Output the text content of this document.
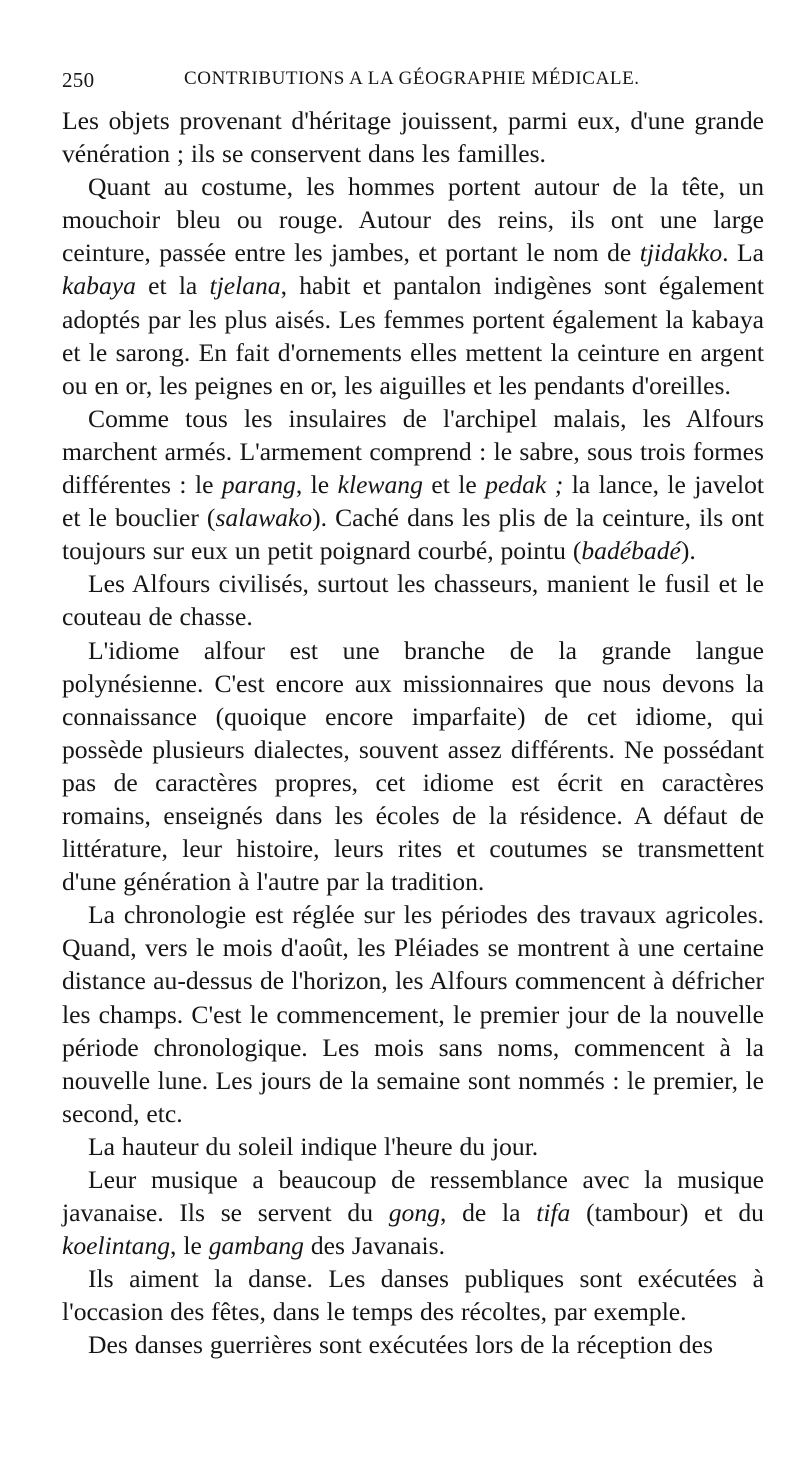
250	CONTRIBUTIONS A LA GÉOGRAPHIE MÉDICALE.

Les objets provenant d'héritage jouissent, parmi eux, d'une grande vénération ; ils se conservent dans les familles.

Quant au costume, les hommes portent autour de la tête, un mouchoir bleu ou rouge. Autour des reins, ils ont une large ceinture, passée entre les jambes, et portant le nom de tjidakko. La kabaya et la tjelana, habit et pantalon indigènes sont également adoptés par les plus aisés. Les femmes portent également la kabaya et le sarong. En fait d'ornements elles mettent la ceinture en argent ou en or, les peignes en or, les aiguilles et les pendants d'oreilles.

Comme tous les insulaires de l'archipel malais, les Alfours marchent armés. L'armement comprend : le sabre, sous trois formes différentes : le parang, le klewang et le pedak ; la lance, le javelot et le bouclier (salawako). Caché dans les plis de la ceinture, ils ont toujours sur eux un petit poignard courbé, pointu (badébadé).

Les Alfours civilisés, surtout les chasseurs, manient le fusil et le couteau de chasse.

L'idiome alfour est une branche de la grande langue polynésienne. C'est encore aux missionnaires que nous devons la connaissance (quoique encore imparfaite) de cet idiome, qui possède plusieurs dialectes, souvent assez différents. Ne possédant pas de caractères propres, cet idiome est écrit en caractères romains, enseignés dans les écoles de la résidence. A défaut de littérature, leur histoire, leurs rites et coutumes se transmettent d'une génération à l'autre par la tradition.

La chronologie est réglée sur les périodes des travaux agricoles. Quand, vers le mois d'août, les Pléiades se montrent à une certaine distance au-dessus de l'horizon, les Alfours commencent à défricher les champs. C'est le commencement, le premier jour de la nouvelle période chronologique. Les mois sans noms, commencent à la nouvelle lune. Les jours de la semaine sont nommés : le premier, le second, etc.

La hauteur du soleil indique l'heure du jour.

Leur musique a beaucoup de ressemblance avec la musique javanaise. Ils se servent du gong, de la tifa (tambour) et du koelintang, le gambang des Javanais.

Ils aiment la danse. Les danses publiques sont exécutées à l'occasion des fêtes, dans le temps des récoltes, par exemple.

Des danses guerrières sont exécutées lors de la réception des
